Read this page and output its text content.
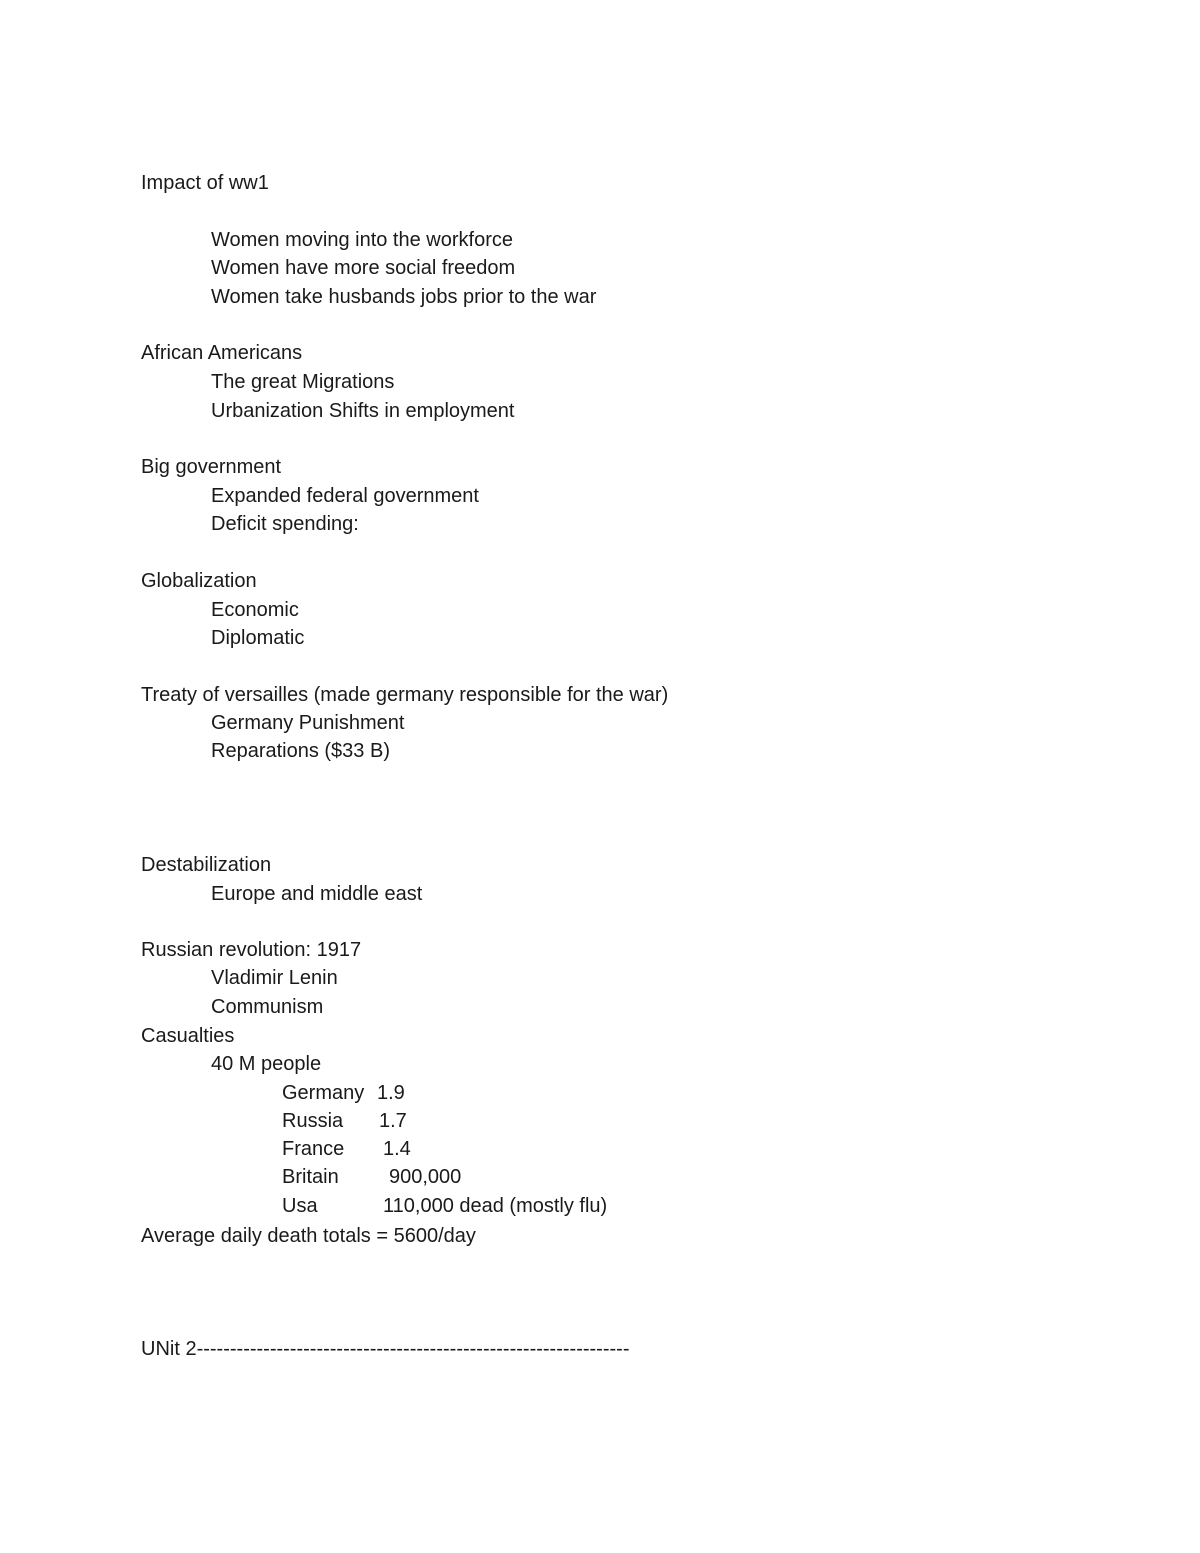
Impact of ww1
Women moving into the workforce
Women have more social freedom
Women take husbands jobs prior to the war
African Americans
The great Migrations
Urbanization Shifts in employment
Big government
Expanded federal government
Deficit spending:
Globalization
Economic
Diplomatic
Treaty of versailles (made germany responsible for the war)
Germany Punishment
Reparations ($33 B)
Destabilization
Europe and middle east
Russian revolution: 1917
Vladimir Lenin
Communism
Casualties
40 M people
Germany 1.9
Russia 1.7
France 1.4
Britain	900,000
Usa	110,000 dead (mostly flu)
Average daily death totals = 5600/day
UNit 2-----------------------------------------------------------------
